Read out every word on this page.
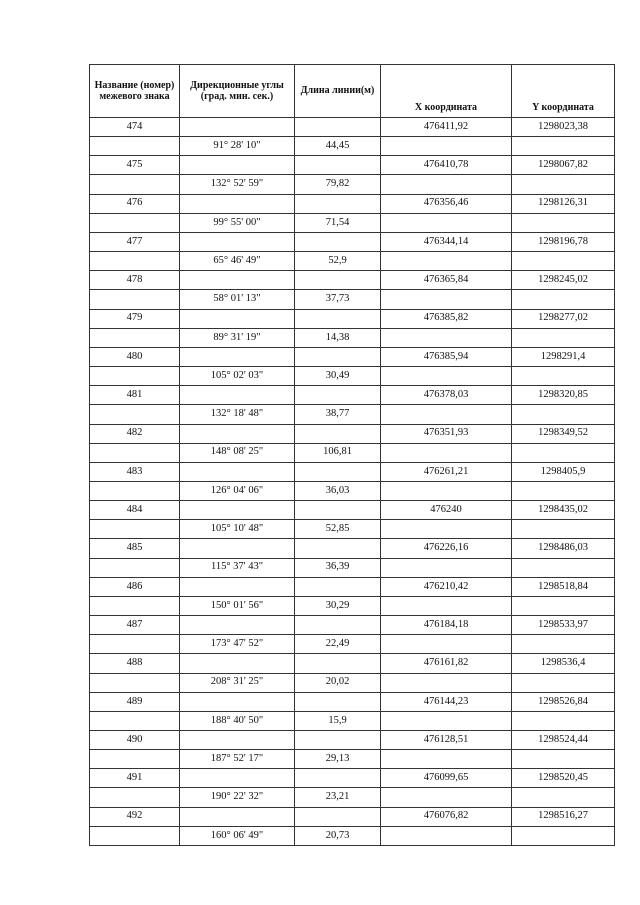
Название (номер) межевого знака	Дирекционные углы (град. мин. сек.)	Длина линии(м)	X координата	Y координата
474			476411,92	1298023,38
	91° 28' 10"	44,45		
475			476410,78	1298067,82
	132° 52' 59"	79,82		
476			476356,46	1298126,31
	99° 55' 00"	71,54		
477			476344,14	1298196,78
	65° 46' 49"	52,9		
478			476365,84	1298245,02
	58° 01' 13"	37,73		
479			476385,82	1298277,02
	89° 31' 19"	14,38		
480			476385,94	1298291,4
	105° 02' 03"	30,49		
481			476378,03	1298320,85
	132° 18' 48"	38,77		
482			476351,93	1298349,52
	148° 08' 25"	106,81		
483			476261,21	1298405,9
	126° 04' 06"	36,03		
484			476240	1298435,02
	105° 10' 48"	52,85		
485			476226,16	1298486,03
	115° 37' 43"	36,39		
486			476210,42	1298518,84
	150° 01' 56"	30,29		
487			476184,18	1298533,97
	173° 47' 52"	22,49		
488			476161,82	1298536,4
	208° 31' 25"	20,02		
489			476144,23	1298526,84
	188° 40' 50"	15,9		
490			476128,51	1298524,44
	187° 52' 17"	29,13		
491			476099,65	1298520,45
	190° 22' 32"	23,21		
492			476076,82	1298516,27
	160° 06' 49"	20,73		
